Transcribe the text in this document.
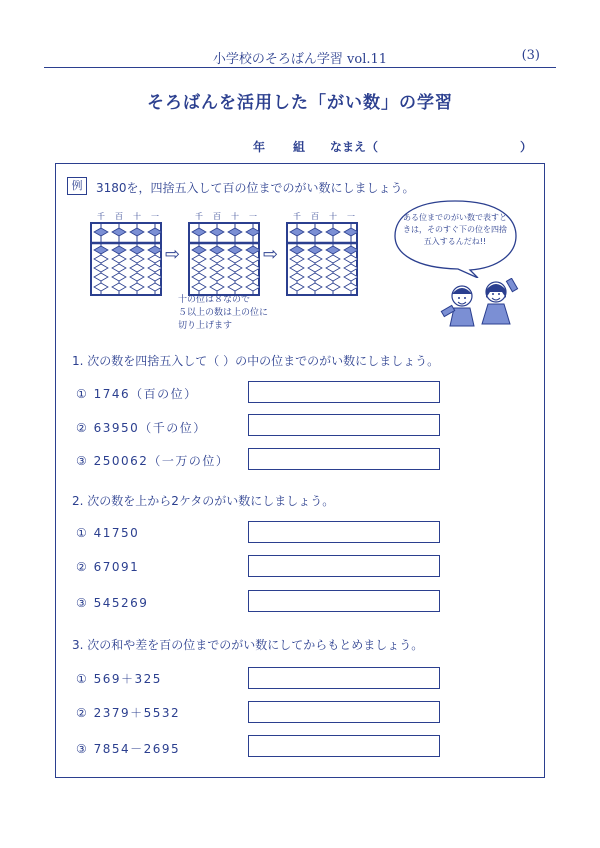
小学校のそろばん学習 vol.11	(3)
そろばんを活用した「がい数」の学習
年 組 なまえ（	）
例	3180を，四捨五入して百の位までのがい数にしましょう。
千 百 十 一
⇨
千 百 十 一
⇨
千 百 十 一
十の位は８なので
５以上の数は上の位に
切り上げます
ある位までのがい数で表すときは，そのすぐ下の位を四捨五入するんだね!!
1. 次の数を四捨五入して（ ）の中の位までのがい数にしましょう。
① 1746（百の位）
② 63950（千の位）
③ 250062（一万の位）
2. 次の数を上から2ケタのがい数にしましょう。
① 41750
② 67091
③ 545269
3. 次の和や差を百の位までのがい数にしてからもとめましょう。
① 569＋325
② 2379＋5532
③ 7854－2695
